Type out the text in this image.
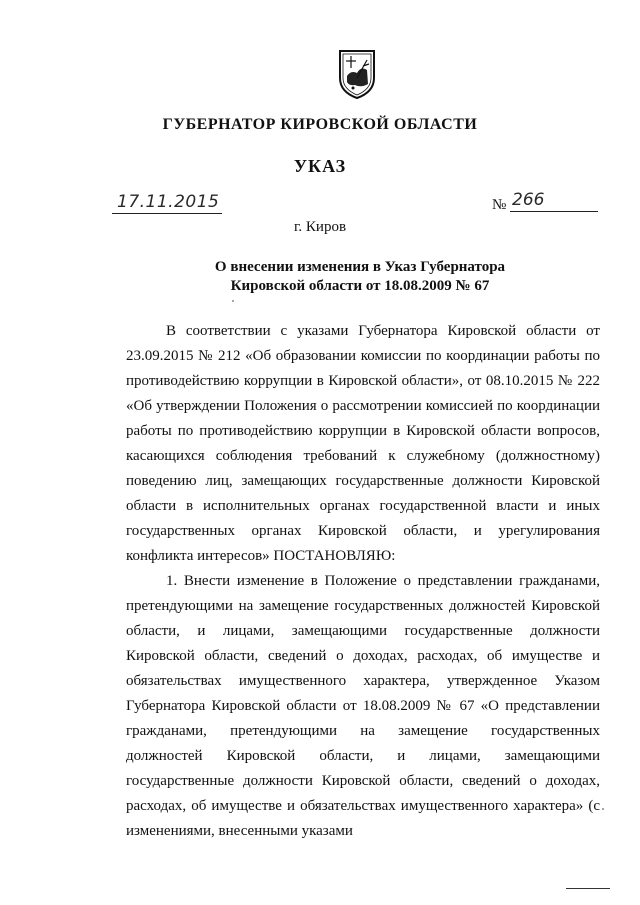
ГУБЕРНАТОР КИРОВСКОЙ ОБЛАСТИ
УКАЗ
17.11.2015	№ 266
г. Киров
О внесении изменения в Указ Губернатора
Кировской области от 18.08.2009 № 67

В соответствии с указами Губернатора Кировской области от 23.09.2015 № 212 «Об образовании комиссии по координации работы по противодействию коррупции в Кировской области», от 08.10.2015 № 222 «Об утверждении Положения о рассмотрении комиссией по координации работы по противодействию коррупции в Кировской области вопросов, касающихся соблюдения требований к служебному (должностному) поведению лиц, замещающих государственные должности Кировской области в исполнительных органах государственной власти и иных государственных органах Кировской области, и урегулирования конфликта интересов» ПОСТАНОВЛЯЮ:

1. Внести изменение в Положение о представлении гражданами, претендующими на замещение государственных должностей Кировской области, и лицами, замещающими государственные должности Кировской области, сведений о доходах, расходах, об имуществе и обязательствах имущественного характера, утвержденное Указом Губернатора Кировской области от 18.08.2009 № 67 «О представлении гражданами, претендующими на замещение государственных должностей Кировской области, и лицами, замещающими государственные должности Кировской области, сведений о доходах, расходах, об имуществе и обязательствах имущественного характера» (с изменениями, внесенными указами
